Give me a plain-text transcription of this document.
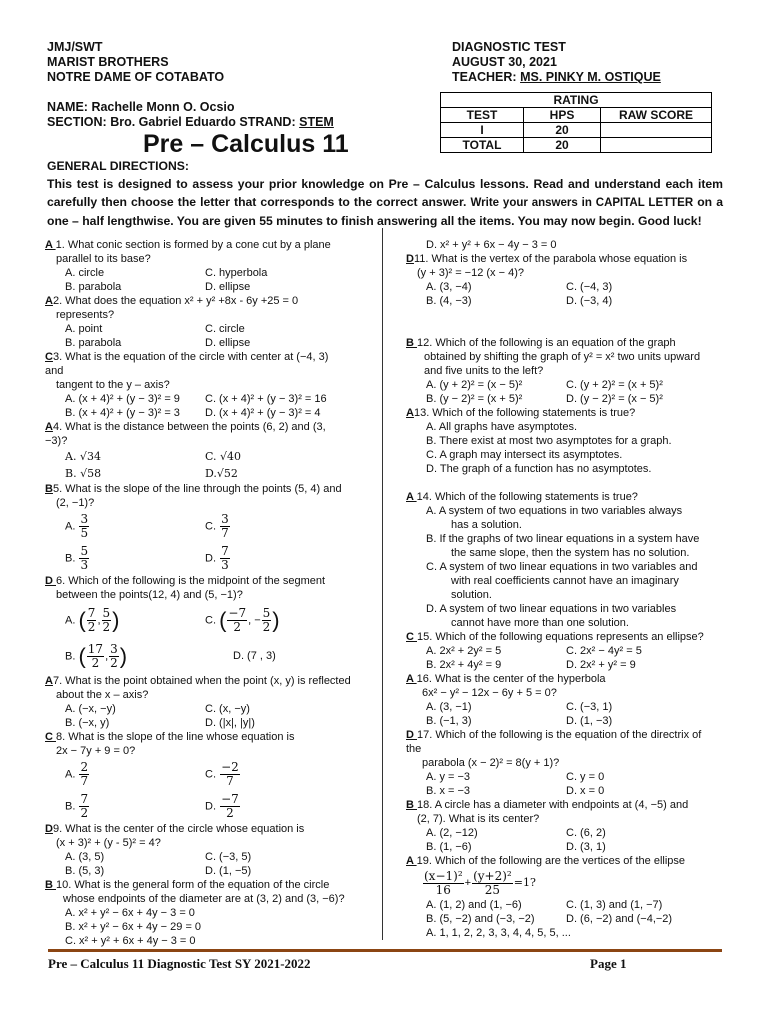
JMJ/SWT
MARIST BROTHERS
NOTRE DAME OF COTABATO
DIAGNOSTIC TEST
AUGUST 30, 2021
TEACHER: MS. PINKY M. OSTIQUE
NAME: Rachelle Monn O. Ocsio
SECTION: Bro. Gabriel Eduardo STRAND: STEM
RATING		
TEST	HPS	RAW SCORE
I	20	
TOTAL	20	
Pre – Calculus 11
GENERAL DIRECTIONS:
This test is designed to assess your prior knowledge on Pre – Calculus lessons. Read and understand each item carefully then choose the letter that corresponds to the correct answer. Write your answers in CAPITAL LETTER on a one – half lengthwise. You are given 55 minutes to finish answering all the items. You may now begin. Good luck!
A 1. What conic section is formed by a cone cut by a plane
parallel to its base?
A. circle	C. hyperbola
B. parabola	D. ellipse
A2. What does the equation x² + y² +8x - 6y +25 = 0
represents?
A. point	C. circle
B. parabola	D. ellipse
C3. What is the equation of the circle with center at (−4, 3)
and
tangent to the y – axis?
A. (x + 4)² + (y − 3)² = 9	C. (x + 4)² + (y − 3)² = 16
B. (x + 4)² + (y − 3)² = 3	D. (x + 4)² + (y − 3)² = 4
A4. What is the distance between the points (6, 2) and (3,
−3)?
A. √34	C. √40
B. √58	D.√52
B5. What is the slope of the line through the points (5, 4) and
(2, −1)?
A. $\frac{3}{5}$	C. $\frac{3}{7}$
B. $\frac{5}{3}$	D. $\frac{7}{3}$
D 6. Which of the following is the midpoint of the segment
between the points(12, 4) and (5, −1)?
A. ( $\frac{7}{2}$ , $\frac{5}{2}$ )	C. ( $\frac{-7}{2}$ , − $\frac{5}{2}$ )
B. ( $\frac{17}{2}$ , $\frac{3}{2}$ )	D. (7 , 3)
A7. What is the point obtained when the point (x, y) is reflected
about the x – axis?
A. (−x, −y)	C. (x, −y)
B. (−x, y)	D. (|x|, |y|)
C 8. What is the slope of the line whose equation is
2x − 7y + 9 = 0?
A. $\frac{2}{7}$	C. $\frac{-2}{7}$
B. $\frac{7}{2}$	D. $\frac{-7}{2}$
D9. What is the center of the circle whose equation is
(x + 3)² + (y - 5)² = 4?
A. (3, 5)	C. (−3, 5)
B. (5, 3)	D. (1, −5)
B 10. What is the general form of the equation of the circle
whose endpoints of the diameter are at (3, 2) and (3, −6)?
A. x² + y² − 6x + 4y − 3 = 0
B. x² + y² − 6x + 4y − 29 = 0
C. x² + y² + 6x + 4y − 3 = 0
D. x² + y² + 6x − 4y − 3 = 0
D11. What is the vertex of the parabola whose equation is
(y + 3)² = −12 (x − 4)?
A. (3, −4)	C. (−4, 3)
B. (4, −3)	D. (−3, 4)
B 12. Which of the following is an equation of the graph
obtained by shifting the graph of y² = x² two units upward
and five units to the left?
A. (y + 2)² = (x − 5)²	C. (y + 2)² = (x + 5)²
B. (y − 2)² = (x + 5)²	D. (y − 2)² = (x − 5)²
A13. Which of the following statements is true?
A. All graphs have asymptotes.
B. There exist at most two asymptotes for a graph.
C. A graph may intersect its asymptotes.
D. The graph of a function has no asymptotes.
A 14. Which of the following statements is true?
A. A system of two equations in two variables always
has a solution.
B. If the graphs of two linear equations in a system have
the same slope, then the system has no solution.
C. A system of two linear equations in two variables and
with real coefficients cannot have an imaginary
solution.
D. A system of two linear equations in two variables
cannot have more than one solution.
C 15. Which of the following equations represents an ellipse?
A. 2x² + 2y² = 5	C. 2x² − 4y² = 5
B. 2x² + 4y² = 9	D. 2x² + y² = 9
A 16. What is the center of the hyperbola
6x² − y² − 12x − 6y + 5 = 0?
A. (3, −1)	C. (−3, 1)
B. (−1, 3)	D. (1, −3)
D 17. Which of the following is the equation of the directrix of
the
parabola (x − 2)² = 8(y + 1)?
A. y = −3	C. y = 0
B. x = −3	D. x = 0
B 18. A circle has a diameter with endpoints at (4, −5) and
(2, 7). What is its center?
A. (2, −12)	C. (6, 2)
B. (1, −6)	D. (3, 1)
A 19. Which of the following are the vertices of the ellipse
$\frac{\text{(x−1)²}}{16} + \frac{\text{(y+2)²}}{25} =1$?
A. (1, 2) and (1, −6)	C. (1, 3) and (1, −7)
B. (5, −2) and (−3, −2)	D. (6, −2) and (−4,−2)
A. 1, 1, 2, 2, 3, 3, 4, 4, 5, 5, ...
Pre – Calculus 11 Diagnostic Test SY 2021-2022	Page 1
